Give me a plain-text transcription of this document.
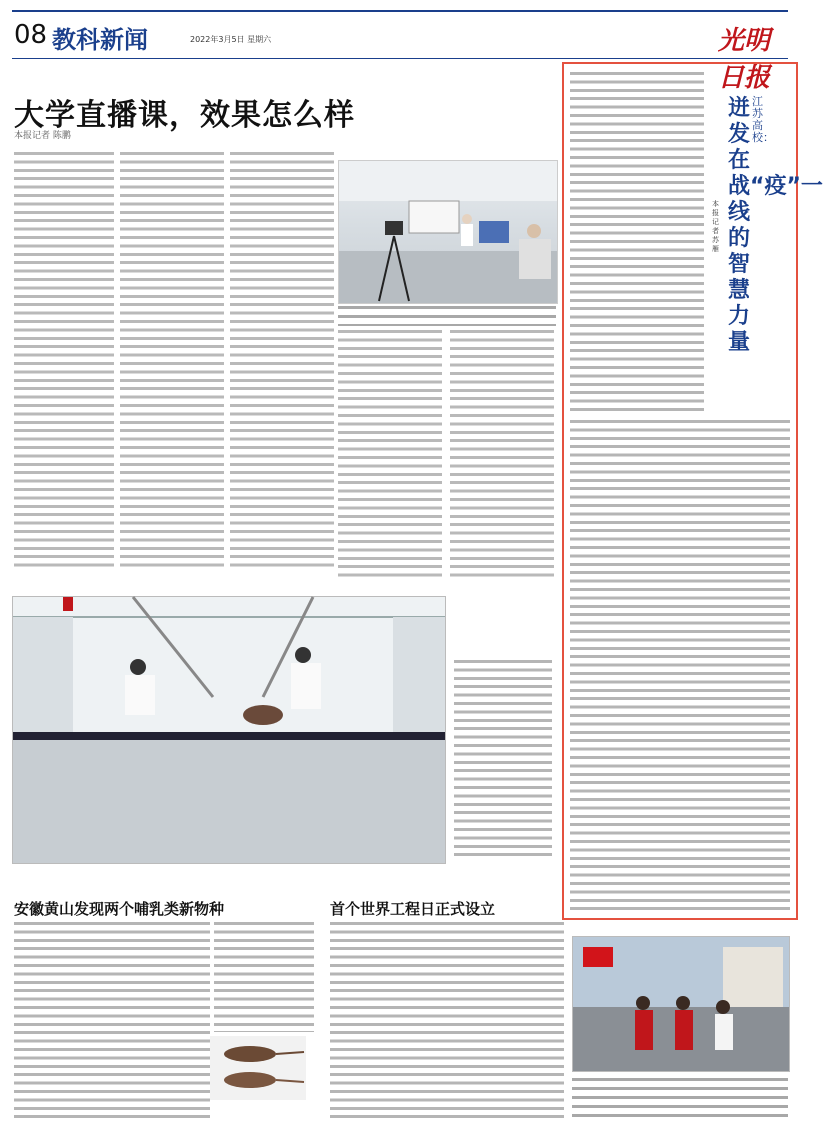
08 教科新闻	2022年3月5日 星期六	光明日报
大学直播课，效果怎么样
本报记者 陈鹏
江苏高校：
迸发在战“疫”一线的智慧力量
本报记者 苏雁
安徽黄山发现两个哺乳类新物种	首个世界工程日正式设立
